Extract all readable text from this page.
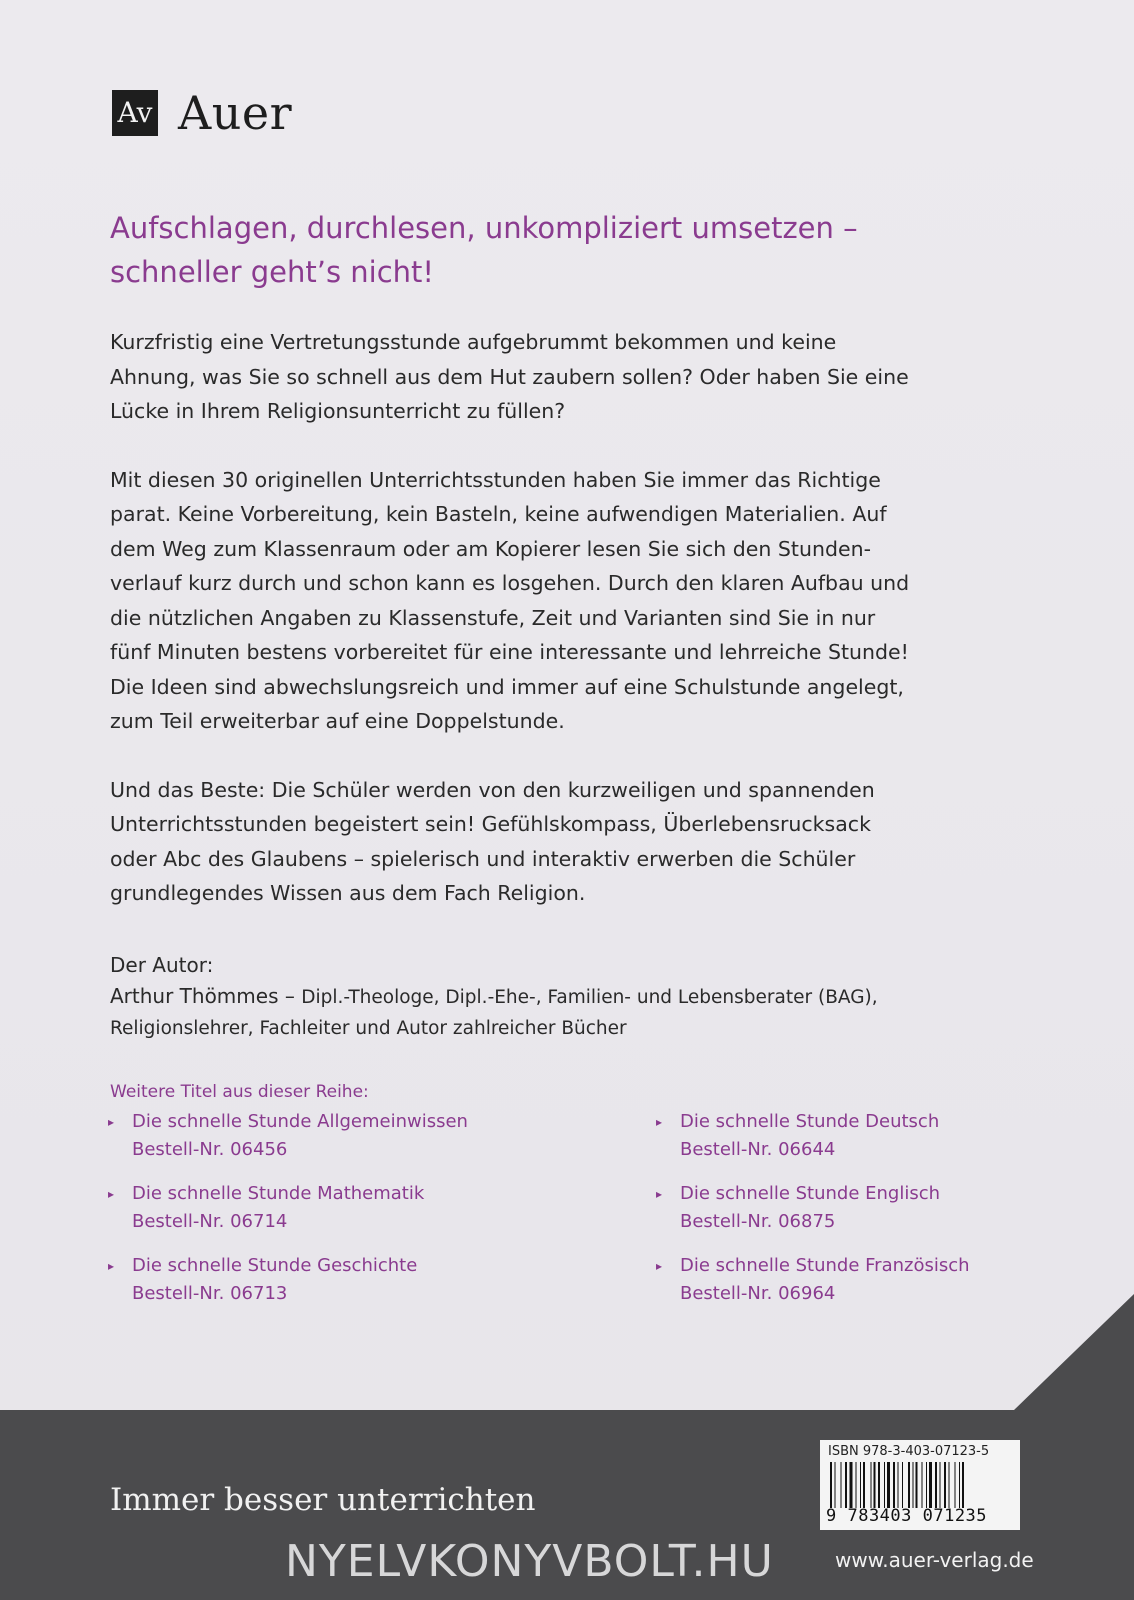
Av Auer
Aufschlagen, durchlesen, unkompliziert umsetzen –
schneller geht’s nicht!
Kurzfristig eine Vertretungsstunde aufgebrummt bekommen und keine
Ahnung, was Sie so schnell aus dem Hut zaubern sollen? Oder haben Sie eine
Lücke in Ihrem Religionsunterricht zu füllen?
Mit diesen 30 originellen Unterrichtsstunden haben Sie immer das Richtige
parat. Keine Vorbereitung, kein Basteln, keine aufwendigen Materialien. Auf
dem Weg zum Klassenraum oder am Kopierer lesen Sie sich den Stunden-
verlauf kurz durch und schon kann es losgehen. Durch den klaren Aufbau und
die nützlichen Angaben zu Klassenstufe, Zeit und Varianten sind Sie in nur
fünf Minuten bestens vorbereitet für eine interessante und lehrreiche Stunde!
Die Ideen sind abwechslungsreich und immer auf eine Schulstunde angelegt,
zum Teil erweiterbar auf eine Doppelstunde.
Und das Beste: Die Schüler werden von den kurzweiligen und spannenden
Unterrichtsstunden begeistert sein! Gefühlskompass, Überlebensrucksack
oder Abc des Glaubens – spielerisch und interaktiv erwerben die Schüler
grundlegendes Wissen aus dem Fach Religion.
Der Autor:
Arthur Thömmes – Dipl.-Theologe, Dipl.-Ehe-, Familien- und Lebensberater (BAG),
Religionslehrer, Fachleiter und Autor zahlreicher Bücher
Weitere Titel aus dieser Reihe:
▸ Die schnelle Stunde Allgemeinwissen
Bestell-Nr. 06456
▸ Die schnelle Stunde Mathematik
Bestell-Nr. 06714
▸ Die schnelle Stunde Geschichte
Bestell-Nr. 06713
▸ Die schnelle Stunde Deutsch
Bestell-Nr. 06644
▸ Die schnelle Stunde Englisch
Bestell-Nr. 06875
▸ Die schnelle Stunde Französisch
Bestell-Nr. 06964
Immer besser unterrichten
ISBN 978-3-403-07123-5
9 783403 071235
NYELVKONYVBOLT.HU	www.auer-verlag.de
